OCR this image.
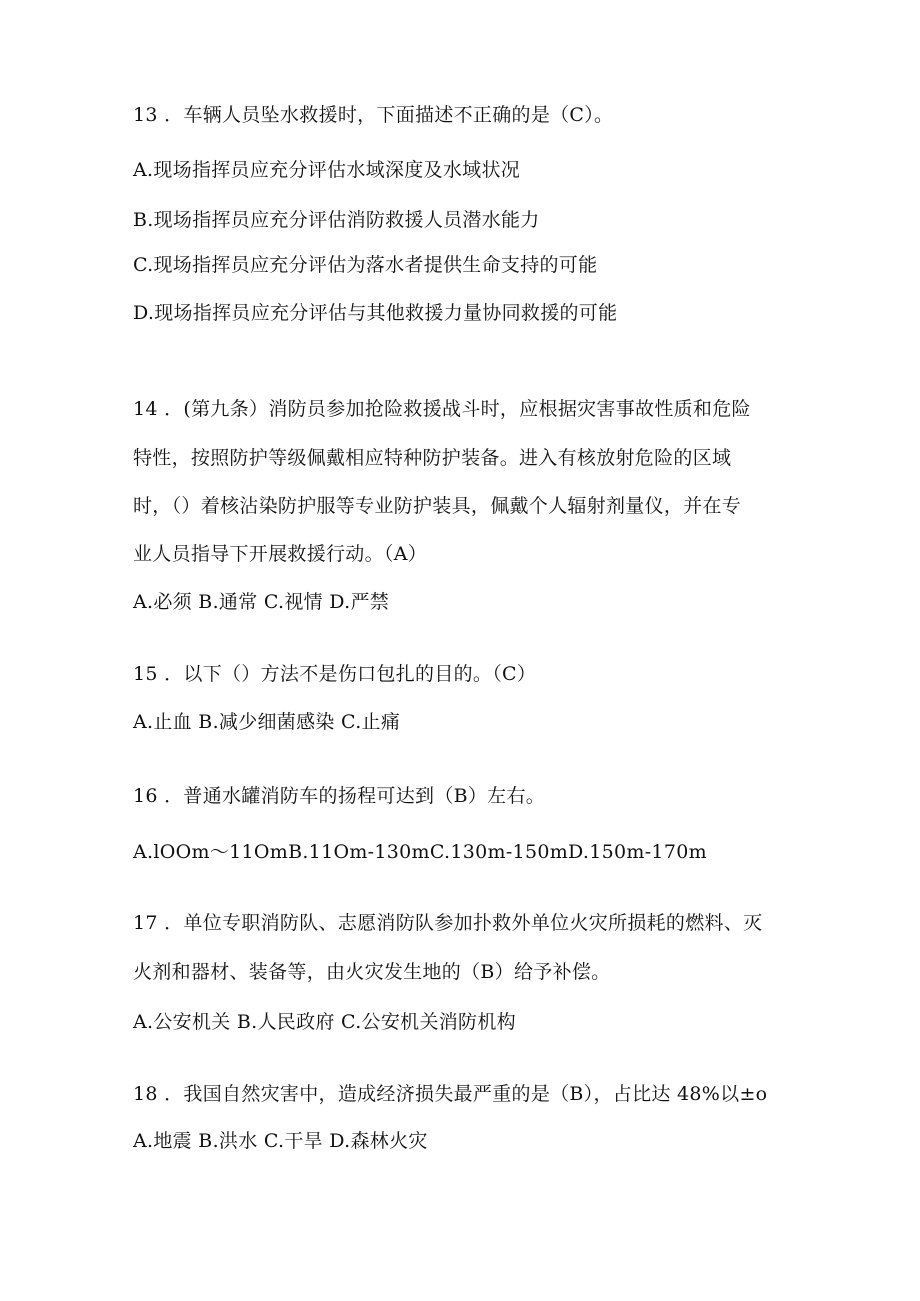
13 ．车辆人员坠水救援时，下面描述不正确的是（C）。
A.现场指挥员应充分评估水域深度及水域状况
B.现场指挥员应充分评估消防救援人员潜水能力
C.现场指挥员应充分评估为落水者提供生命支持的可能
D.现场指挥员应充分评估与其他救援力量协同救援的可能
14 ．(第九条）消防员参加抢险救援战斗时，应根据灾害事故性质和危险
特性，按照防护等级佩戴相应特种防护装备。进入有核放射危险的区域
时，（）着核沾染防护服等专业防护装具，佩戴个人辐射剂量仪，并在专
业人员指导下开展救援行动。（A）
A.必须 B.通常 C.视情 D.严禁
15 ．以下（）方法不是伤口包扎的目的。（C）
A.止血 B.减少细菌感染 C.止痛
16 ．普通水罐消防车的扬程可达到（B）左右。
A.lOOm～11OmB.11Om-130mC.130m-150mD.150m-170m
17 ．单位专职消防队、志愿消防队参加扑救外单位火灾所损耗的燃料、灭
火剂和器材、装备等，由火灾发生地的（B）给予补偿。
A.公安机关 B.人民政府 C.公安机关消防机构
18 ．我国自然灾害中，造成经济损失最严重的是（B），占比达 48%以±o
A.地震 B.洪水 C.干旱 D.森林火灾
